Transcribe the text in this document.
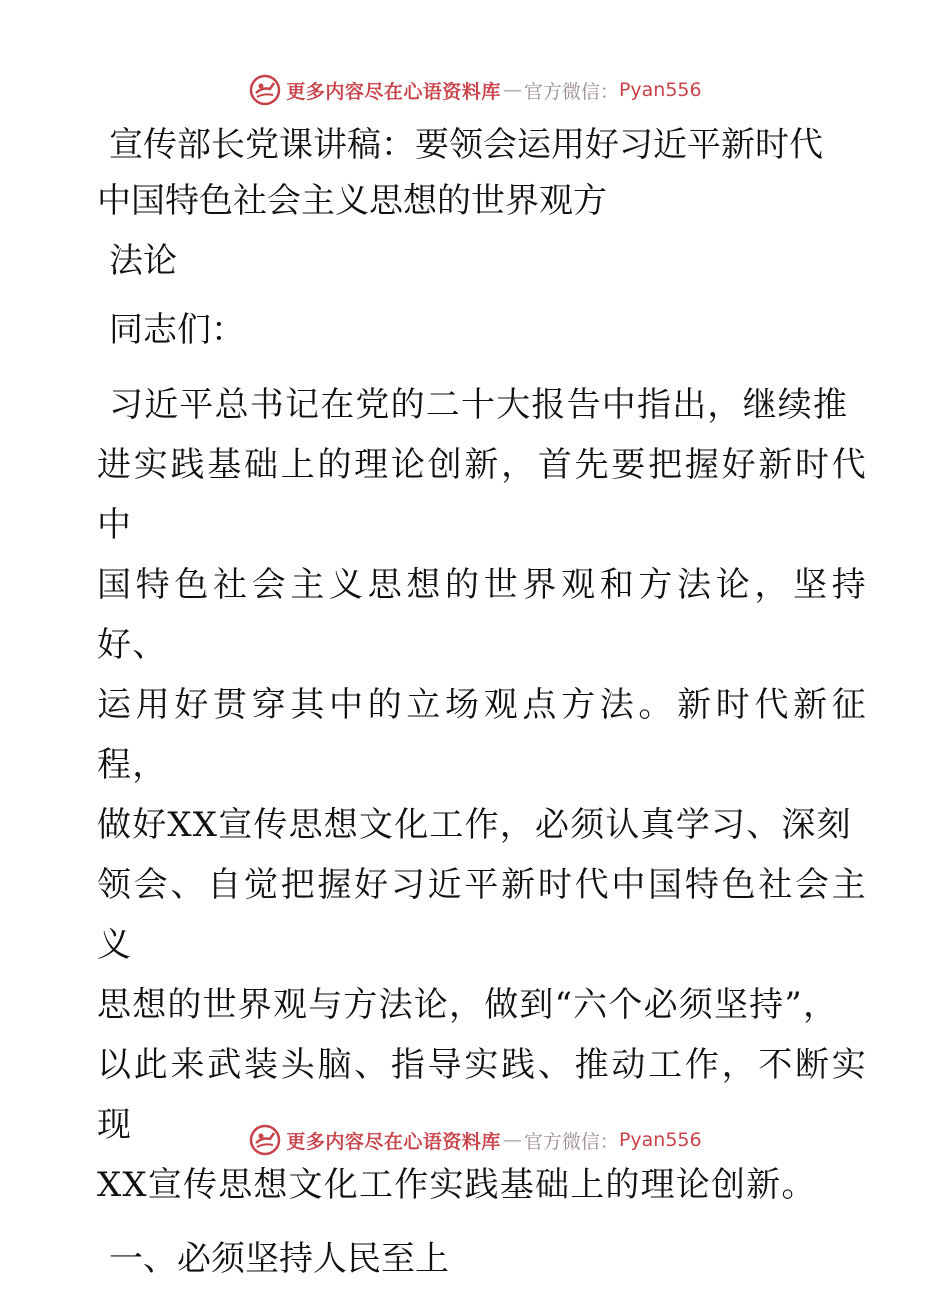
更多内容尽在心语资料库 — 官方微信： Pyan556
宣传部长党课讲稿：要领会运用好习近平新时代
中国特色社会主义思想的世界观方

法论

同志们：

习近平总书记在党的二十大报告中指出，继续推
进实践基础上的理论创新，首先要把握好新时代中
国特色社会主义思想的世界观和方法论，坚持好、
运用好贯穿其中的立场观点方法。新时代新征程，
做好XX宣传思想文化工作，必须认真学习、深刻
领会、自觉把握好习近平新时代中国特色社会主义
思想的世界观与方法论，做到“六个必须坚持”，
以此来武装头脑、指导实践、推动工作，不断实现
XX宣传思想文化工作实践基础上的理论创新。

一、必须坚持人民至上

更多内容尽在心语资料库 — 官方微信： Pyan556
